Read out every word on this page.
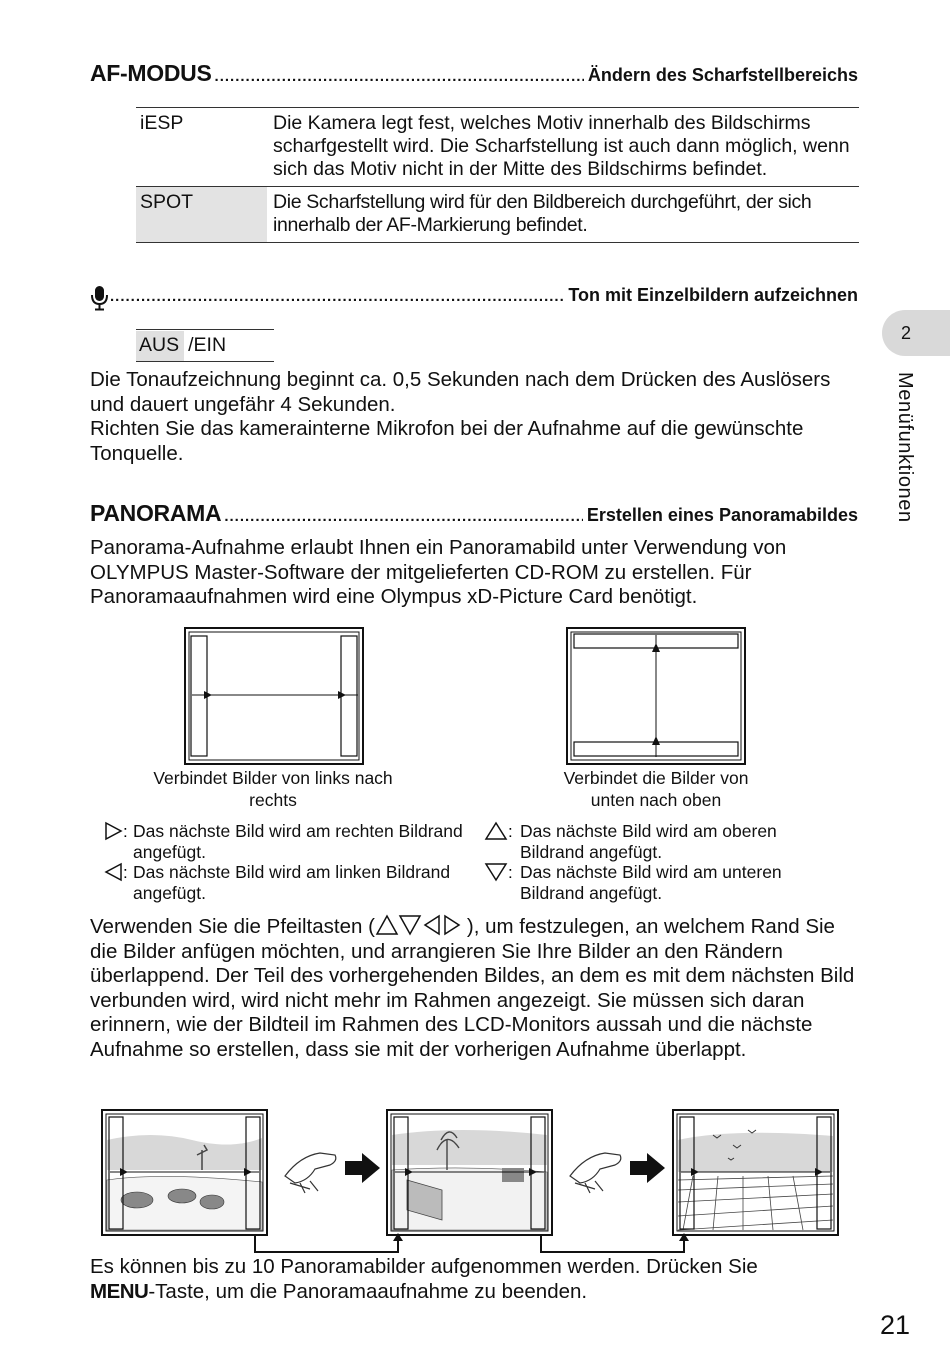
AF-MODUS .....	Ändern des Scharfstellbereichs
iESP	Die Kamera legt fest, welches Motiv innerhalb des Bildschirms scharfgestellt wird. Die Scharfstellung ist auch dann möglich, wenn sich das Motiv nicht in der Mitte des Bildschirms befindet.
SPOT	Die Scharfstellung wird für den Bildbereich durchgeführt, der sich innerhalb der AF-Markierung befindet.
.....
Ton mit Einzelbildern aufzeichnen
AUS /EIN
Die Tonaufzeichnung beginnt ca. 0,5 Sekunden nach dem Drücken des Auslösers und dauert ungefähr 4 Sekunden.
Richten Sie das kamerainterne Mikrofon bei der Aufnahme auf die gewünschte Tonquelle.
PANORAMA .....	Erstellen eines Panoramabildes
Panorama-Aufnahme erlaubt Ihnen ein Panoramabild unter Verwendung von OLYMPUS Master-Software der mitgelieferten CD-ROM zu erstellen. Für Panoramaaufnahmen wird eine Olympus xD-Picture Card benötigt.
Verbindet Bilder von links nach rechts
Verbindet die Bilder von unten nach oben
: Das nächste Bild wird am rechten Bildrand angefügt.
: Das nächste Bild wird am linken Bildrand angefügt.
: Das nächste Bild wird am oberen Bildrand angefügt.
: Das nächste Bild wird am unteren Bildrand angefügt.
Verwenden Sie die Pfeiltasten (	), um festzulegen, an welchem Rand Sie die Bilder anfügen möchten, und arrangieren Sie Ihre Bilder an den Rändern überlappend. Der Teil des vorhergehenden Bildes, an dem es mit dem nächsten Bild verbunden wird, wird nicht mehr im Rahmen angezeigt. Sie müssen sich daran erinnern, wie der Bildteil im Rahmen des LCD-Monitors aussah und die nächste Aufnahme so erstellen, dass sie mit der vorherigen Aufnahme überlappt.
Es können bis zu 10 Panoramabilder aufgenommen werden. Drücken Sie
MENU-Taste, um die Panoramaaufnahme zu beenden.
2
Menüfunktionen
21
